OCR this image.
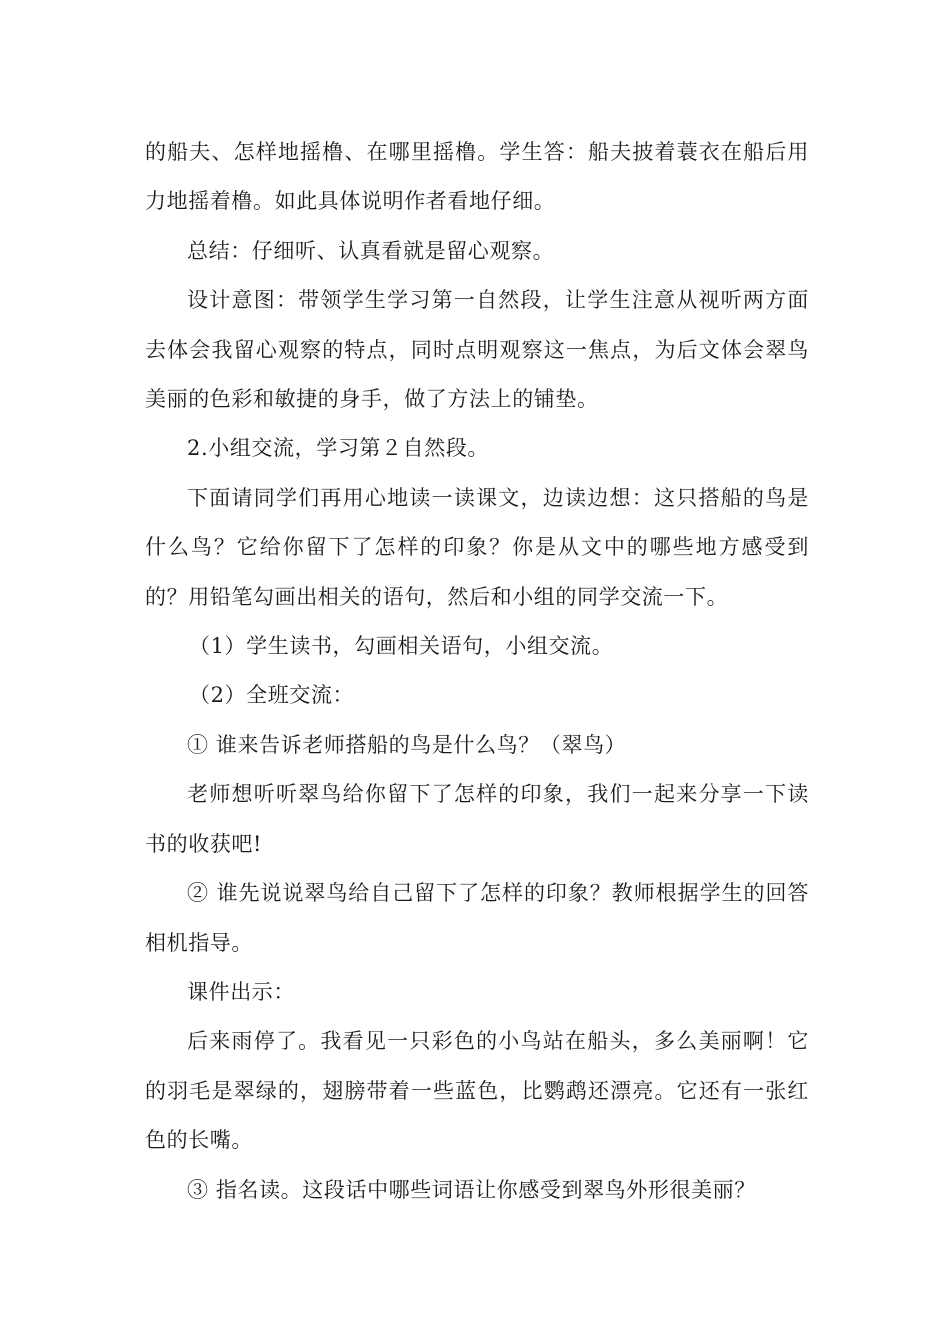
的船夫、怎样地摇橹、在哪里摇橹。学生答：船夫披着蓑衣在船后用力地摇着橹。如此具体说明作者看地仔细。

总结：仔细听、认真看就是留心观察。

设计意图：带领学生学习第一自然段，让学生注意从视听两方面去体会我留心观察的特点，同时点明观察这一焦点，为后文体会翠鸟美丽的色彩和敏捷的身手，做了方法上的铺垫。

2.小组交流，学习第２自然段。

下面请同学们再用心地读一读课文，边读边想：这只搭船的鸟是什么鸟？它给你留下了怎样的印象？你是从文中的哪些地方感受到的？用铅笔勾画出相关的语句，然后和小组的同学交流一下。

（1）学生读书，勾画相关语句，小组交流。

（2）全班交流：

① 谁来告诉老师搭船的鸟是什么鸟？（翠鸟）

老师想听听翠鸟给你留下了怎样的印象，我们一起来分享一下读书的收获吧!

② 谁先说说翠鸟给自己留下了怎样的印象？教师根据学生的回答相机指导。

课件出示：

后来雨停了。我看见一只彩色的小鸟站在船头，多么美丽啊！它的羽毛是翠绿的，翅膀带着一些蓝色，比鹦鹉还漂亮。它还有一张红色的长嘴。

③ 指名读。这段话中哪些词语让你感受到翠鸟外形很美丽？
